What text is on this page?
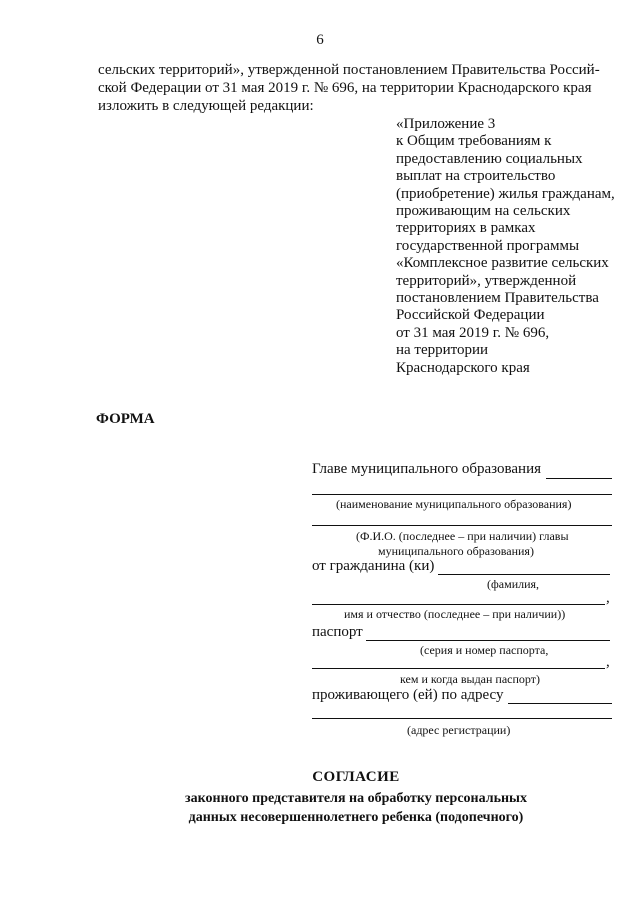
6
сельских территорий», утвержденной постановлением Правительства Россий-
ской Федерации от 31 мая 2019 г. № 696, на территории Краснодарского края
изложить в следующей редакции:
«Приложение 3
к Общим требованиям к
предоставлению социальных
выплат на строительство
(приобретение) жилья гражданам,
проживающим на сельских
территориях в рамках
государственной программы
«Комплексное развитие сельских
территорий», утвержденной
постановлением Правительства
Российской Федерации
от 31 мая 2019 г. № 696,
на территории
Краснодарского края
ФОРМА
Главе муниципального образования
(наименование муниципального образования)
(Ф.И.О. (последнее – при наличии) главы
муниципального образования)
от гражданина (ки)
(фамилия,
,
имя и отчество (последнее – при наличии))
паспорт
(серия и номер паспорта,
,
кем и когда выдан паспорт)
проживающего (ей) по адресу
(адрес регистрации)
СОГЛАСИЕ
законного представителя на обработку персональных
данных несовершеннолетнего ребенка (подопечного)
